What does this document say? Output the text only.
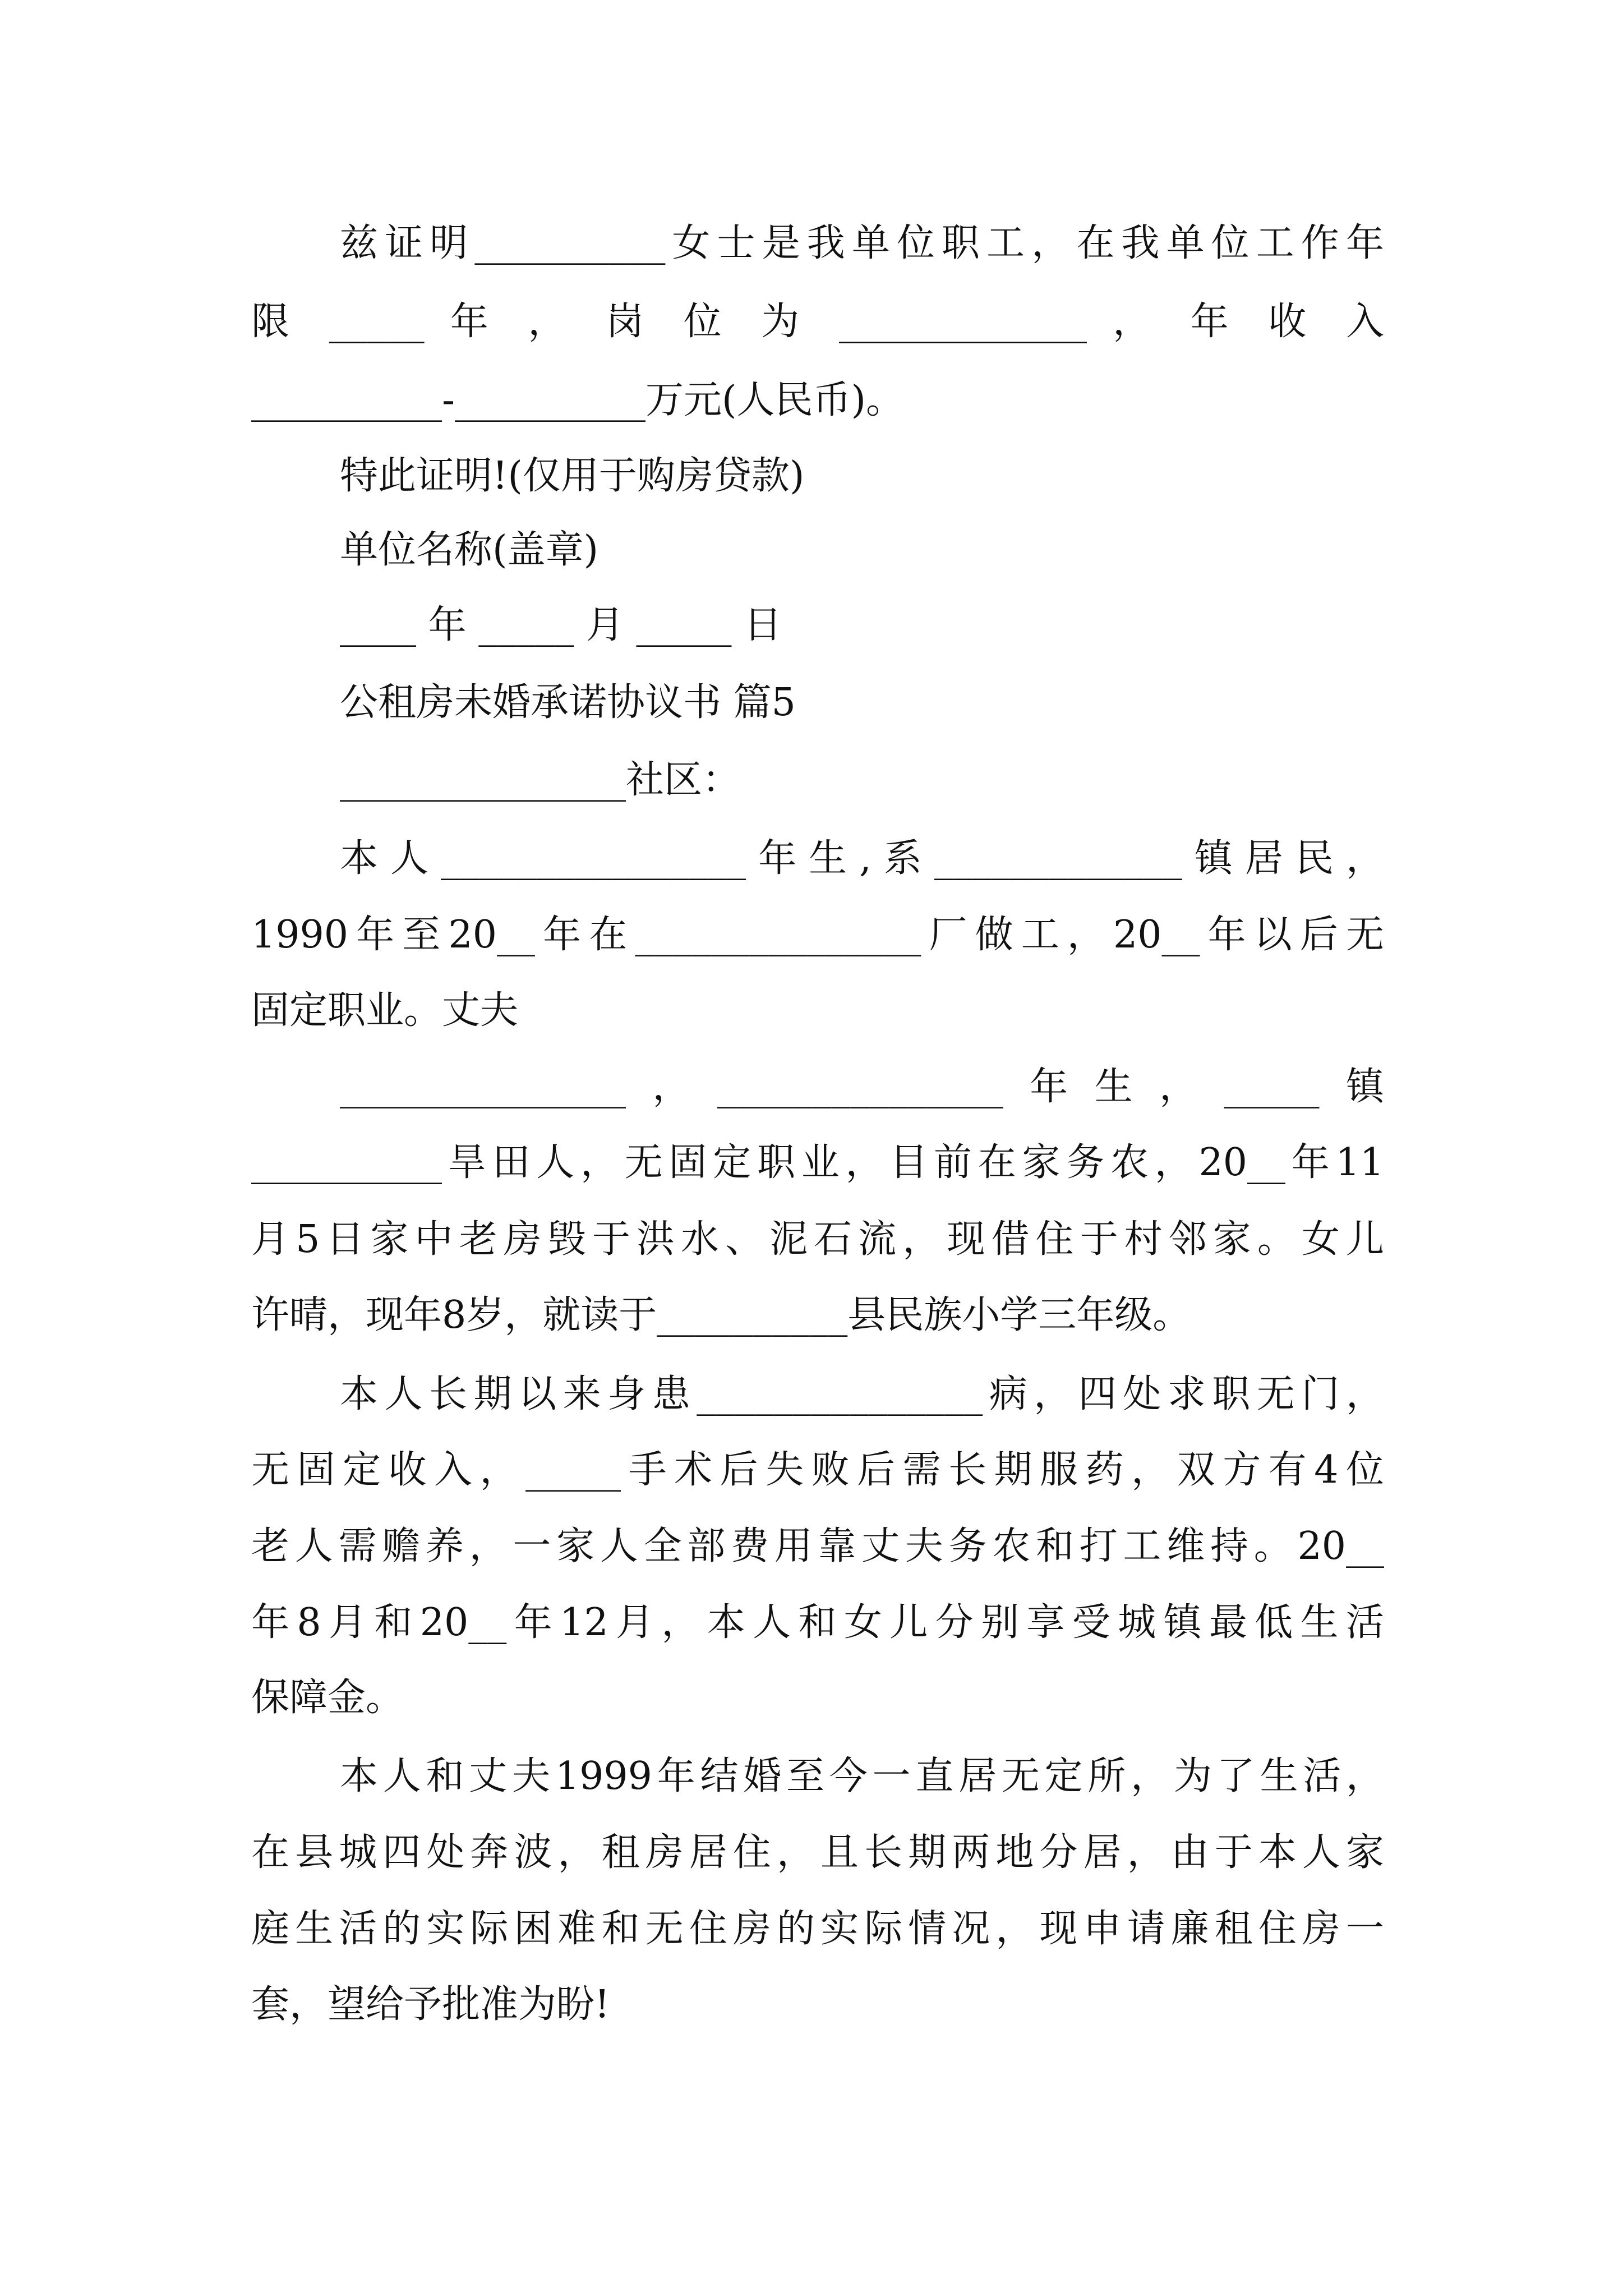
兹证明__________女士是我单位职工，在我单位工作年
限 _____ 年 ， 岗 位 为 _____________ ， 年 收 入
__________-__________万元(人民币)。
特此证明!(仅用于购房贷款)
单位名称(盖章)
____ 年 _____ 月 _____ 日
公租房未婚承诺协议书 篇5
_______________社区：
本人________________年生,系_____________镇居民，
1990年至20__年在_______________厂做工，20__年以后无
固定职业。丈夫
_______________，_______________年生，_____镇
__________旱田人，无固定职业，目前在家务农，20__年11
月5日家中老房毁于洪水、泥石流，现借住于村邻家。女儿
许晴，现年8岁，就读于__________县民族小学三年级。
本人长期以来身患_______________病，四处求职无门，
无固定收入，_____手术后失败后需长期服药，双方有4位
老人需赡养，一家人全部费用靠丈夫务农和打工维持。20__
年8月和20__年12月，本人和女儿分别享受城镇最低生活
保障金。
本人和丈夫1999年结婚至今一直居无定所，为了生活，
在县城四处奔波，租房居住，且长期两地分居，由于本人家
庭生活的实际困难和无住房的实际情况，现申请廉租住房一
套，望给予批准为盼!
